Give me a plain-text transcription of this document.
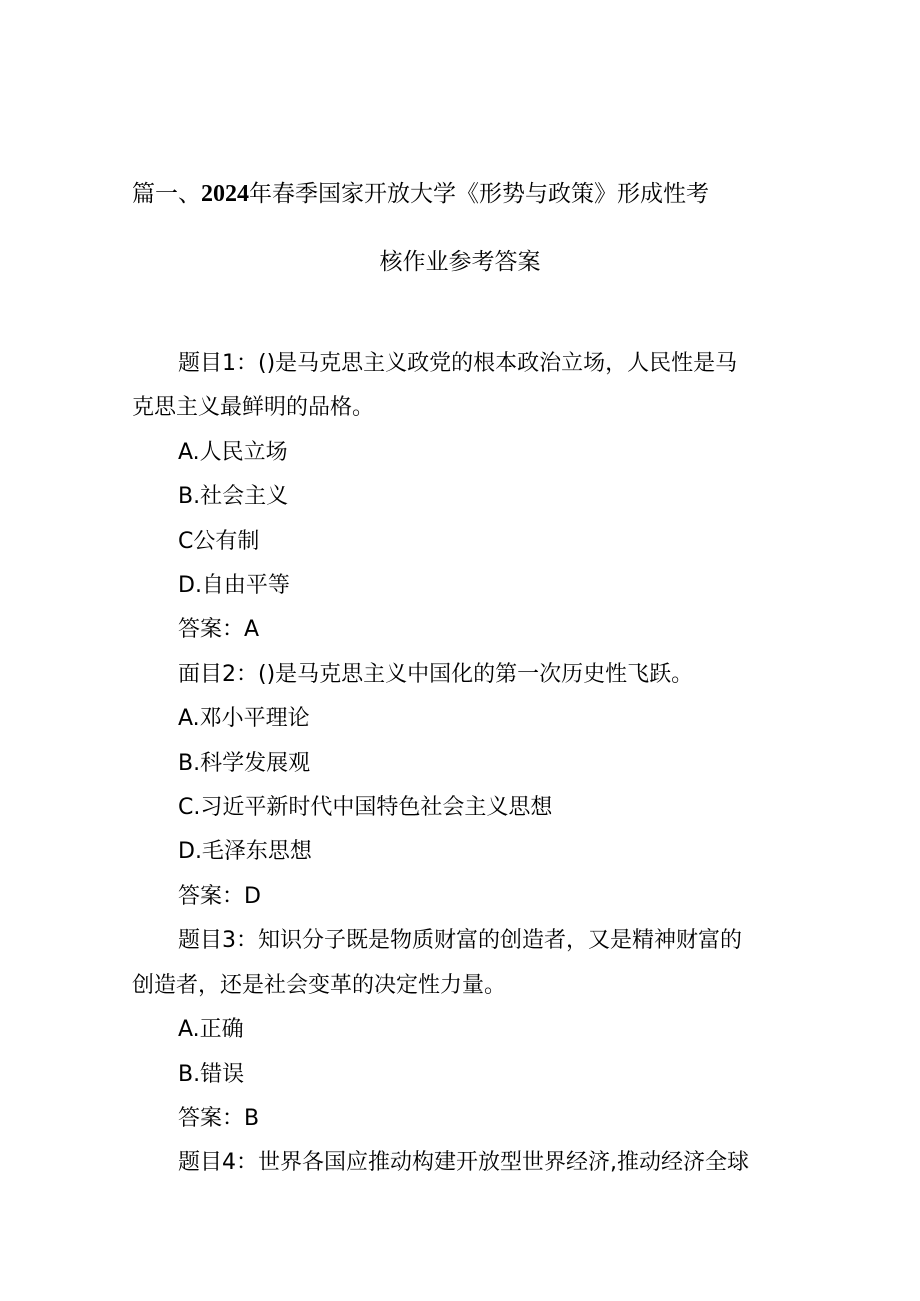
篇一、2024年春季国家开放大学《形势与政策》形成性考
核作业参考答案

题目1：()是马克思主义政党的根本政治立场，人民性是马

克思主义最鲜明的品格。

A.人民立场

B.社会主义

C公有制

D.自由平等

答案：A

面目2：()是马克思主义中国化的第一次历史性飞跃。

A.邓小平理论

B.科学发展观

C.习近平新时代中国特色社会主义思想

D.毛泽东思想

答案：D

题目3：知识分子既是物质财富的创造者，又是精神财富的

创造者，还是社会变革的决定性力量。

A.正确

B.错误

答案：B

题目4：世界各国应推动构建开放型世界经济,推动经济全球
